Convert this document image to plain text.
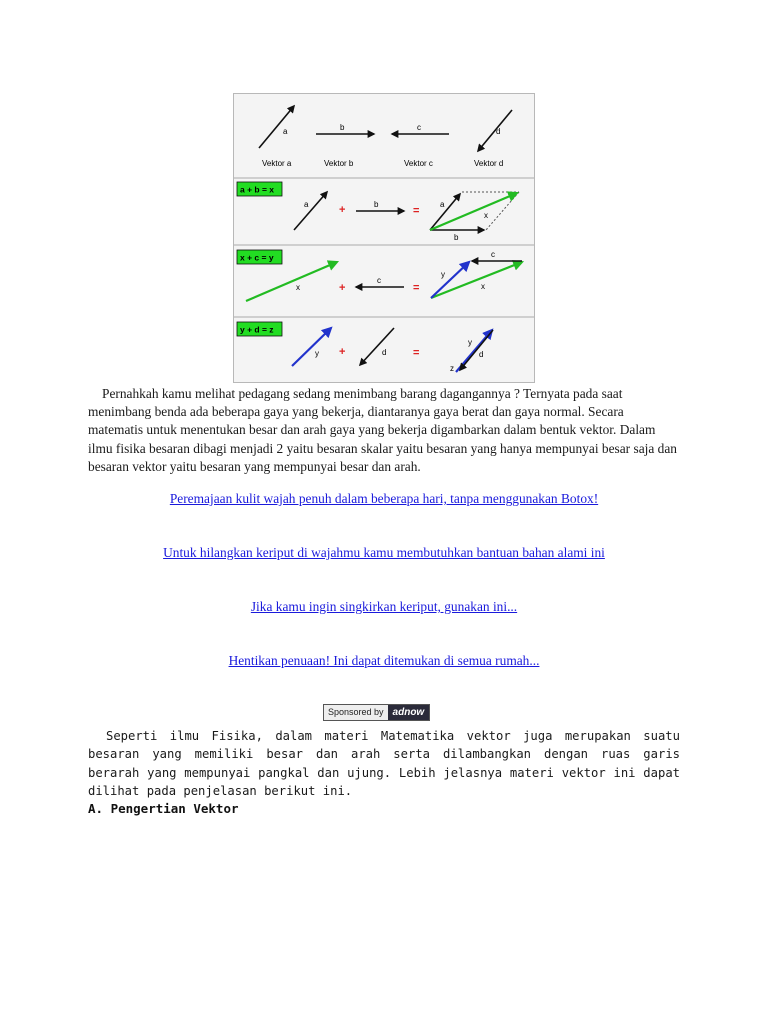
a	b	c	d
Vektor a	Vektor b	Vektor c	Vektor d
a + b = x
a	+	b
=
a
b
x
x + c = y
x	+
c
=
c
y
x
y + d = z
y +	d =
y
d
z

Pernahkah kamu melihat pedagang sedang menimbang barang dagangannya ? Ternyata pada saat menimbang benda ada beberapa gaya yang bekerja, diantaranya gaya berat dan gaya normal. Secara matematis untuk menentukan besar dan arah gaya yang bekerja digambarkan dalam bentuk vektor. Dalam ilmu fisika besaran dibagi menjadi 2 yaitu besaran skalar yaitu besaran yang hanya mempunyai besar saja dan besaran vektor yaitu besaran yang mempunyai besar dan arah.

Peremajaan kulit wajah penuh dalam beberapa hari, tanpa menggunakan Botox!
Untuk hilangkan keriput di wajahmu kamu membutuhkan bantuan bahan alami ini
Jika kamu ingin singkirkan keriput, gunakan ini...
Hentikan penuaan! Ini dapat ditemukan di semua rumah...
Sponsored by adnow

Seperti ilmu Fisika, dalam materi Matematika vektor juga merupakan suatu besaran yang memiliki besar dan arah serta dilambangkan dengan ruas garis berarah yang mempunyai pangkal dan ujung. Lebih jelasnya materi vektor ini dapat dilihat pada penjelasan berikut ini.

A. Pengertian Vektor
